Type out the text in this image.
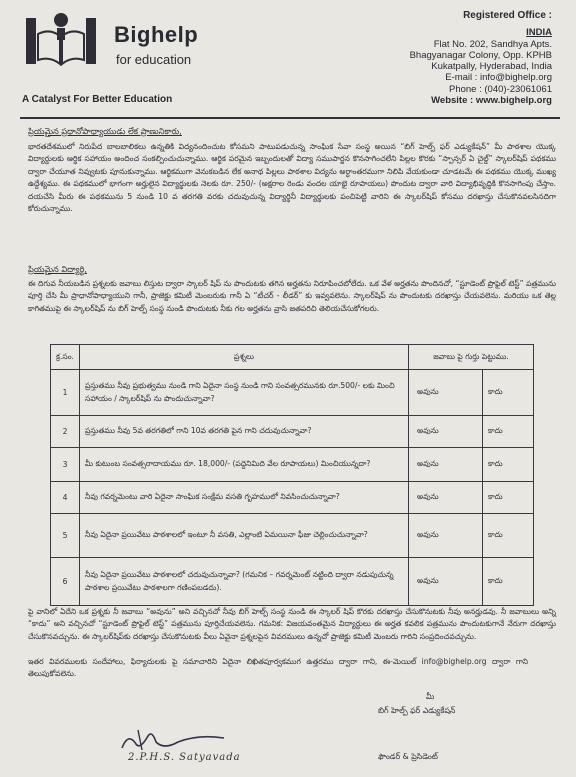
Bighelp
for education
A Catalyst For Better Education
Registered Office :
INDIA
Flat No. 202, Sandhya Apts.
Bhagyanagar Colony, Opp. KPHB
Kukatpally, Hyderabad, India
E-mail : info@bighelp.org
Phone : (040)-23061061
Website : www.bighelp.org
ప్రియమైన ప్రధానోపాధ్యాయుడు లేక ప్రాణునికారు,
భారతదేశములో నిరుపేద బాలబాలికలు ఉన్నతికి విద్యనందించుట కోసమని పాటుపడుచున్న సాంఘిక సేవా సంస్థ అయిన “బిగ్ హెల్ప్ ఫర్ ఎడ్యుకేషన్” మీ పాఠశాల యొక్క విద్యార్థులకు ఆర్థిక సహాయం అందించ సంకల్పించుచున్నాము. ఆర్థిక పరమైన ఇబ్బందులతో విద్యా సముపార్జన కొనసాగించలేని పిల్లల కొరకు “స్పాన్సర్ ఏ చైల్డ్” స్కాలర్‌షిప్ పథకము ద్వారా చేయూత నివ్వుటకు పూనుకున్నాము. ఆర్థికముగా వెనుకబడిన లేక అనాథ పిల్లలు పాఠశాల విద్యను అర్ధాంతరముగా నిలిపి వేయకుండా చూడటమే ఈ పథకము యొక్క ముఖ్య ఉద్దేశ్యము. ఈ పథకములో భాగంగా అర్హులైన విద్యార్థులకు నెలకు రూ. 250/- (అక్షరాల రెండు వందల యాభై రూపాయలు) పొందుట ద్వారా వారి విద్యాభివృద్ధికి కొనసాగింపు చేస్తాం. దయచేసి మీరు ఈ పథకమును 5 నుండి 10 వ తరగతి వరకు చదువుచున్న విద్యార్థినీ విద్యార్థులకు పంచిపెట్టి వారిని ఈ స్కాలర్‌షిప్ కోసము దరఖాస్తు చేసుకొనవలసినదిగా కోరుచున్నాము.
ప్రియమైన విద్యార్థి,
ఈ దిగువ నీయబడిన ప్రశ్నలకు జవాబు లిస్తుట ద్వారా స్కాలర్ షిప్ ను పొందుటకు తగిన అర్హతను నిరూపించబోలేదు. ఒక వేళ అర్హతను పొందినచో, “స్టూడెంట్ ప్రొఫైల్ టెస్ట్” పత్రమును పూర్తి చేసి మీ ప్రాధానోపాధ్యాయుని గానీ, ప్రాజెక్టు కమిటీ మెంబరుకు గానీ ఏ “టీచర్ - లీడర్” కు ఇవ్వవలెను. స్కాలర్‌షిప్ ను పొందుటకు దరఖాస్తు చేయవలెను. మరియు ఒక తెల్ల కాగితముపై ఈ స్కాలర్‌షిప్ ను బిగ్ హెల్ప్ సంస్థ నుండి పొందుటకు నీకు గల అర్హతను వ్రాసి జతపరిచి తెలియచేసుకోగలరు.
క్ర.సం.	ప్రశ్నలు	జవాబు పై గుర్తు పెట్టుము.	
1	ప్రస్తుతము నీవు ప్రభుత్వము నుండి గాని ఏదైనా సంస్థ నుండి గాని సంవత్సరమునకు రూ.500/- లకు మించి సహాయం / స్కాలర్‌షిప్ ను పొందుచున్నావా?	అవును	కాదు
2	ప్రస్తుతము నీవు 5వ తరగతిలో గాని 10వ తరగతి పైన గాని చదువుచున్నావా?	అవును	కాదు
3	మీ కుటుంబ సంవత్సరాదాయము రూ. 18,000/- (పద్దెనిమిది వేల రూపాయలు) మించియున్నదా?	అవును	కాదు
4	నీవు గవర్నమెంటు వారి ఏదైనా సాంఘిక సంక్షేమ వసతి గృహములో నివసించుచున్నావా?	అవును	కాదు
5	నీవు ఏదైనా ప్రయివేటు పాఠశాలలో ఇంటూ నీ వసతి, ఎల్లాంటి ఏమయినా ఫీజు చెల్లించుచున్నావా?	అవును	కాదు
6	నీవు ఏదైనా ప్రయివేటు పాఠశాలలో చదువుచున్నావా? (గమనిక – గవర్నమెంట్ నట్టింది ద్వారా నడుపుచున్న పాఠశాల ప్రయివేటు పాఠశాలగా గణింపబడదు).	అవును	కాదు
పై వానిలో ఏదేని ఒక ప్రశ్నకు నీ జవాబు “అవును” అని వచ్చినచో నీవు బిగ్ హెల్ప్ సంస్థ నుండి ఈ స్కాలర్ షిప్ కొరకు దరఖాస్తు చేసుకొనుటకు నీవు అనర్హుడవు. నీ జవాబులు అన్ని “కాదు” అని వచ్చినచో “స్టూడెంట్ ప్రొఫైల్ టెస్ట్” పత్రమును పూర్తిచేయవలెను. గమనిక: విజయవంతమైన విద్యార్థులు ఈ అర్హత కవలిక పత్రమును పొందుటకుగానే నేరుగా దరఖాస్తు చేసుకొనవచ్చును. ఈ స్కాలర్‌షిప్‌కు దరఖాస్తు చేసుకొనుటకు వీలు ఏవైనా ప్రశ్నలపైన వివరములు ఉన్నచో ప్రాజెక్టు కమిటీ మెంబరు గారిని సంప్రదించవచ్చును.
ఇతర వివరములకు సందేహాలు, ఫిర్యాదులకు పై సమాచారిని ఏదైనా లిఖితపూర్వకముగ ఉత్తరము ద్వారా గాని, ఈ-మెయిల్ info@bighelp.org ద్వారా గాని తెలుపుకోవలెను.
మీ
బిగ్ హెల్ప్ ఫర్ ఎడ్యుకేషన్
ఫౌండర్ & ప్రెసిడెంట్
2.P.H.S. Satyavada
